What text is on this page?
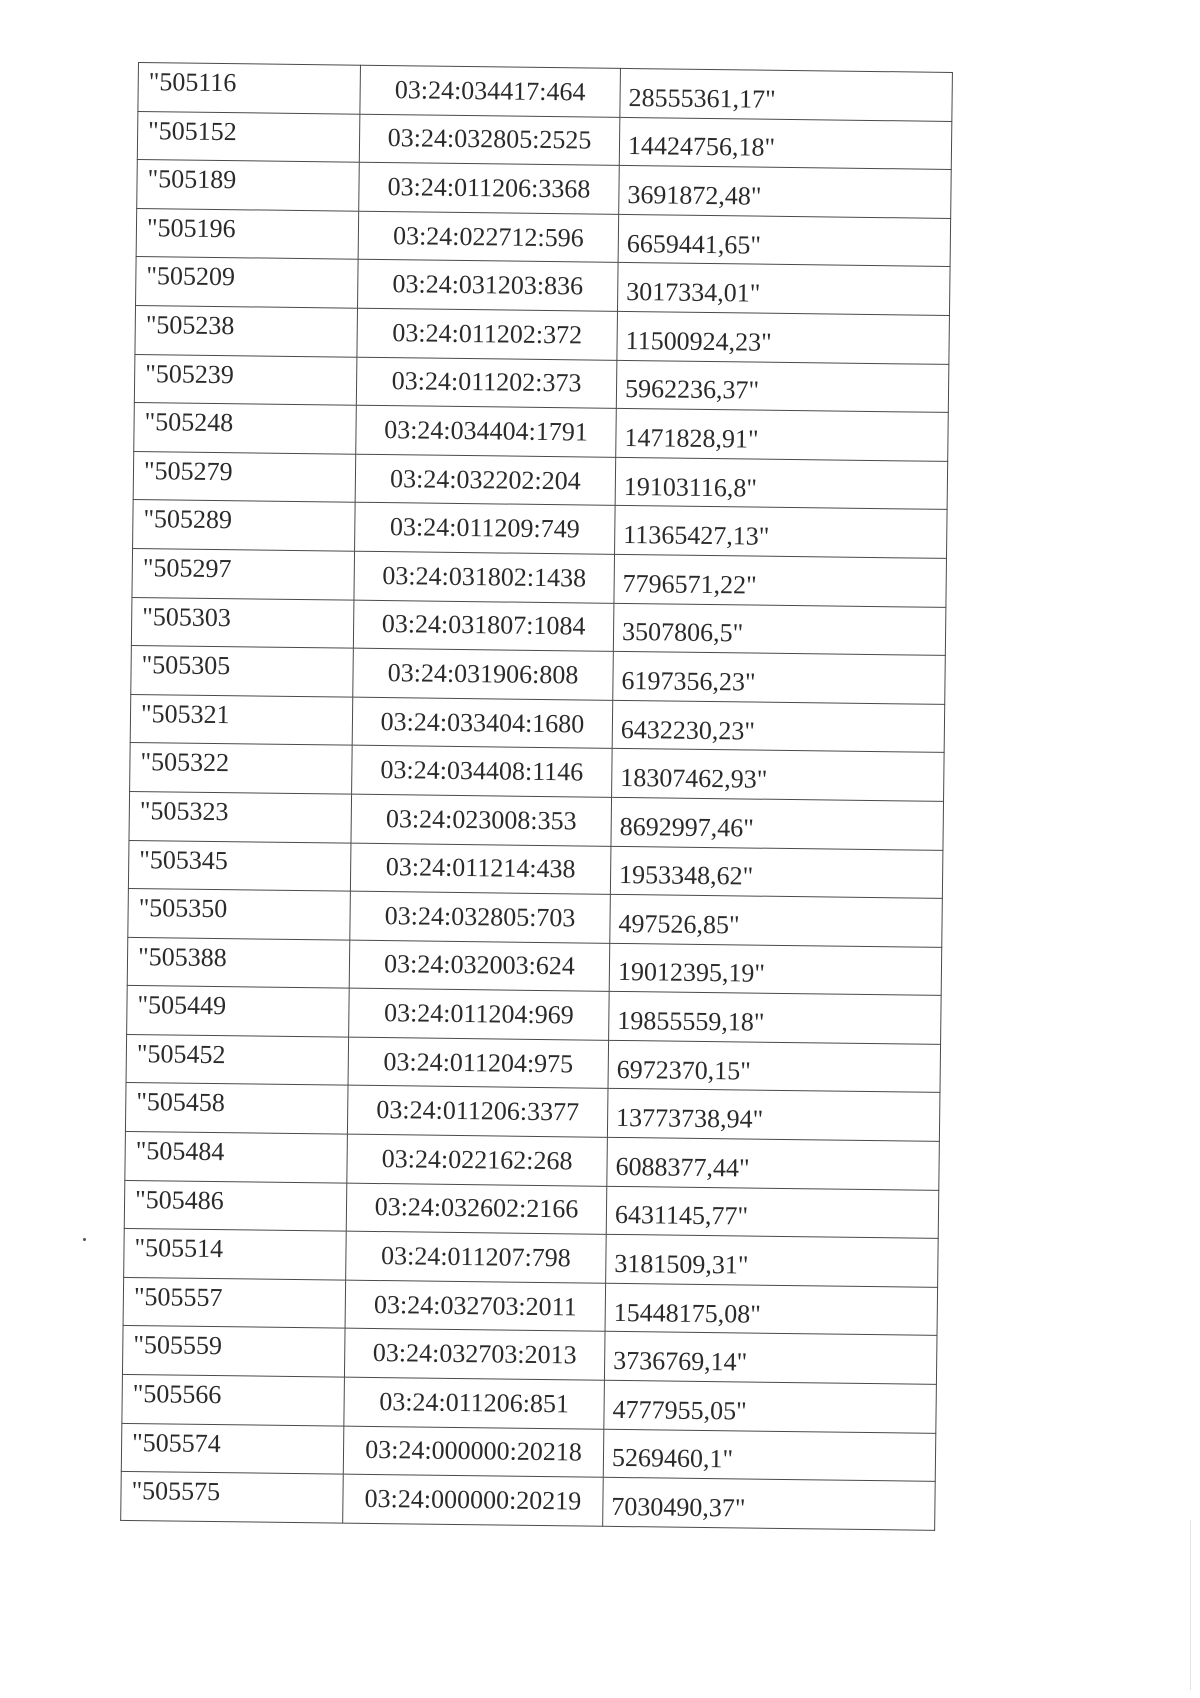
"505116	03:24:034417:464	28555361,17"
"505152	03:24:032805:2525	14424756,18"
"505189	03:24:011206:3368	3691872,48"
"505196	03:24:022712:596	6659441,65"
"505209	03:24:031203:836	3017334,01"
"505238	03:24:011202:372	11500924,23"
"505239	03:24:011202:373	5962236,37"
"505248	03:24:034404:1791	1471828,91"
"505279	03:24:032202:204	19103116,8"
"505289	03:24:011209:749	11365427,13"
"505297	03:24:031802:1438	7796571,22"
"505303	03:24:031807:1084	3507806,5"
"505305	03:24:031906:808	6197356,23"
"505321	03:24:033404:1680	6432230,23"
"505322	03:24:034408:1146	18307462,93"
"505323	03:24:023008:353	8692997,46"
"505345	03:24:011214:438	1953348,62"
"505350	03:24:032805:703	497526,85"
"505388	03:24:032003:624	19012395,19"
"505449	03:24:011204:969	19855559,18"
"505452	03:24:011204:975	6972370,15"
"505458	03:24:011206:3377	13773738,94"
"505484	03:24:022162:268	6088377,44"
"505486	03:24:032602:2166	6431145,77"
"505514	03:24:011207:798	3181509,31"
"505557	03:24:032703:2011	15448175,08"
"505559	03:24:032703:2013	3736769,14"
"505566	03:24:011206:851	4777955,05"
"505574	03:24:000000:20218	5269460,1"
"505575	03:24:000000:20219	7030490,37"
